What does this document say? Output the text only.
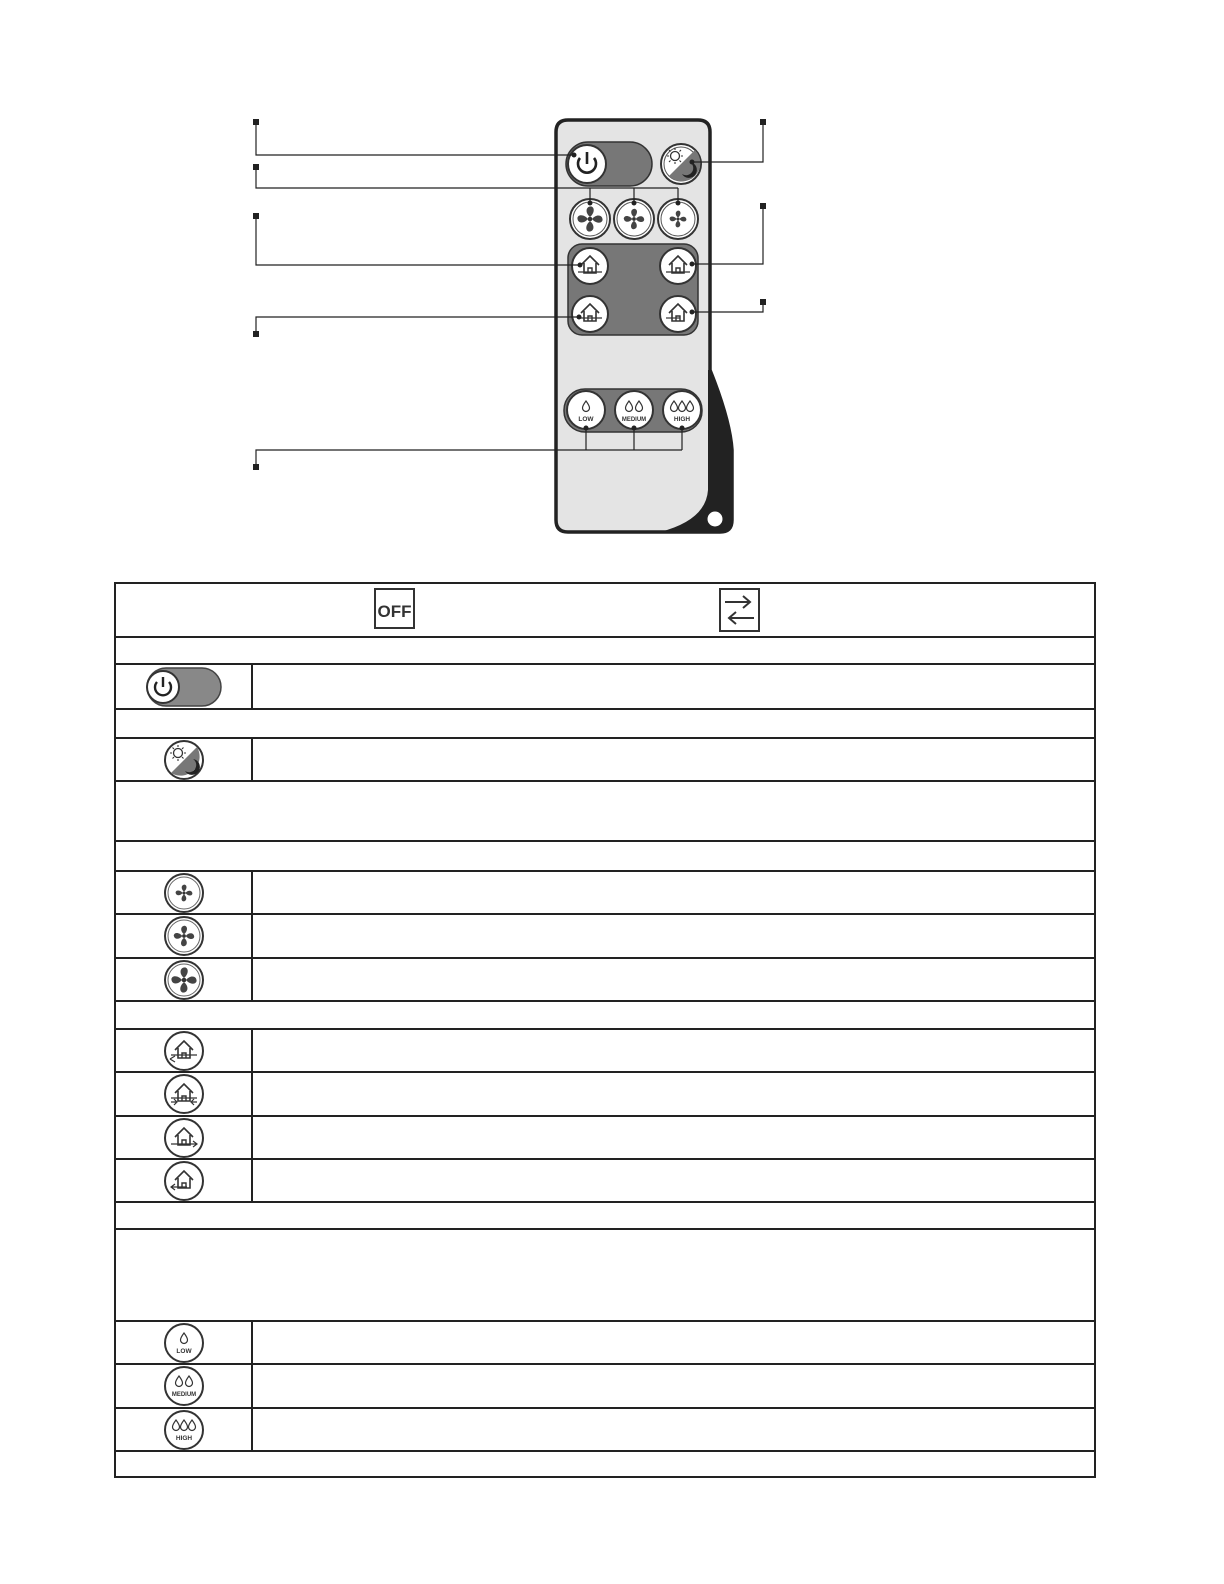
LOW	MEDIUM	HIGH
OFF
LOW
MEDIUM
HIGH
